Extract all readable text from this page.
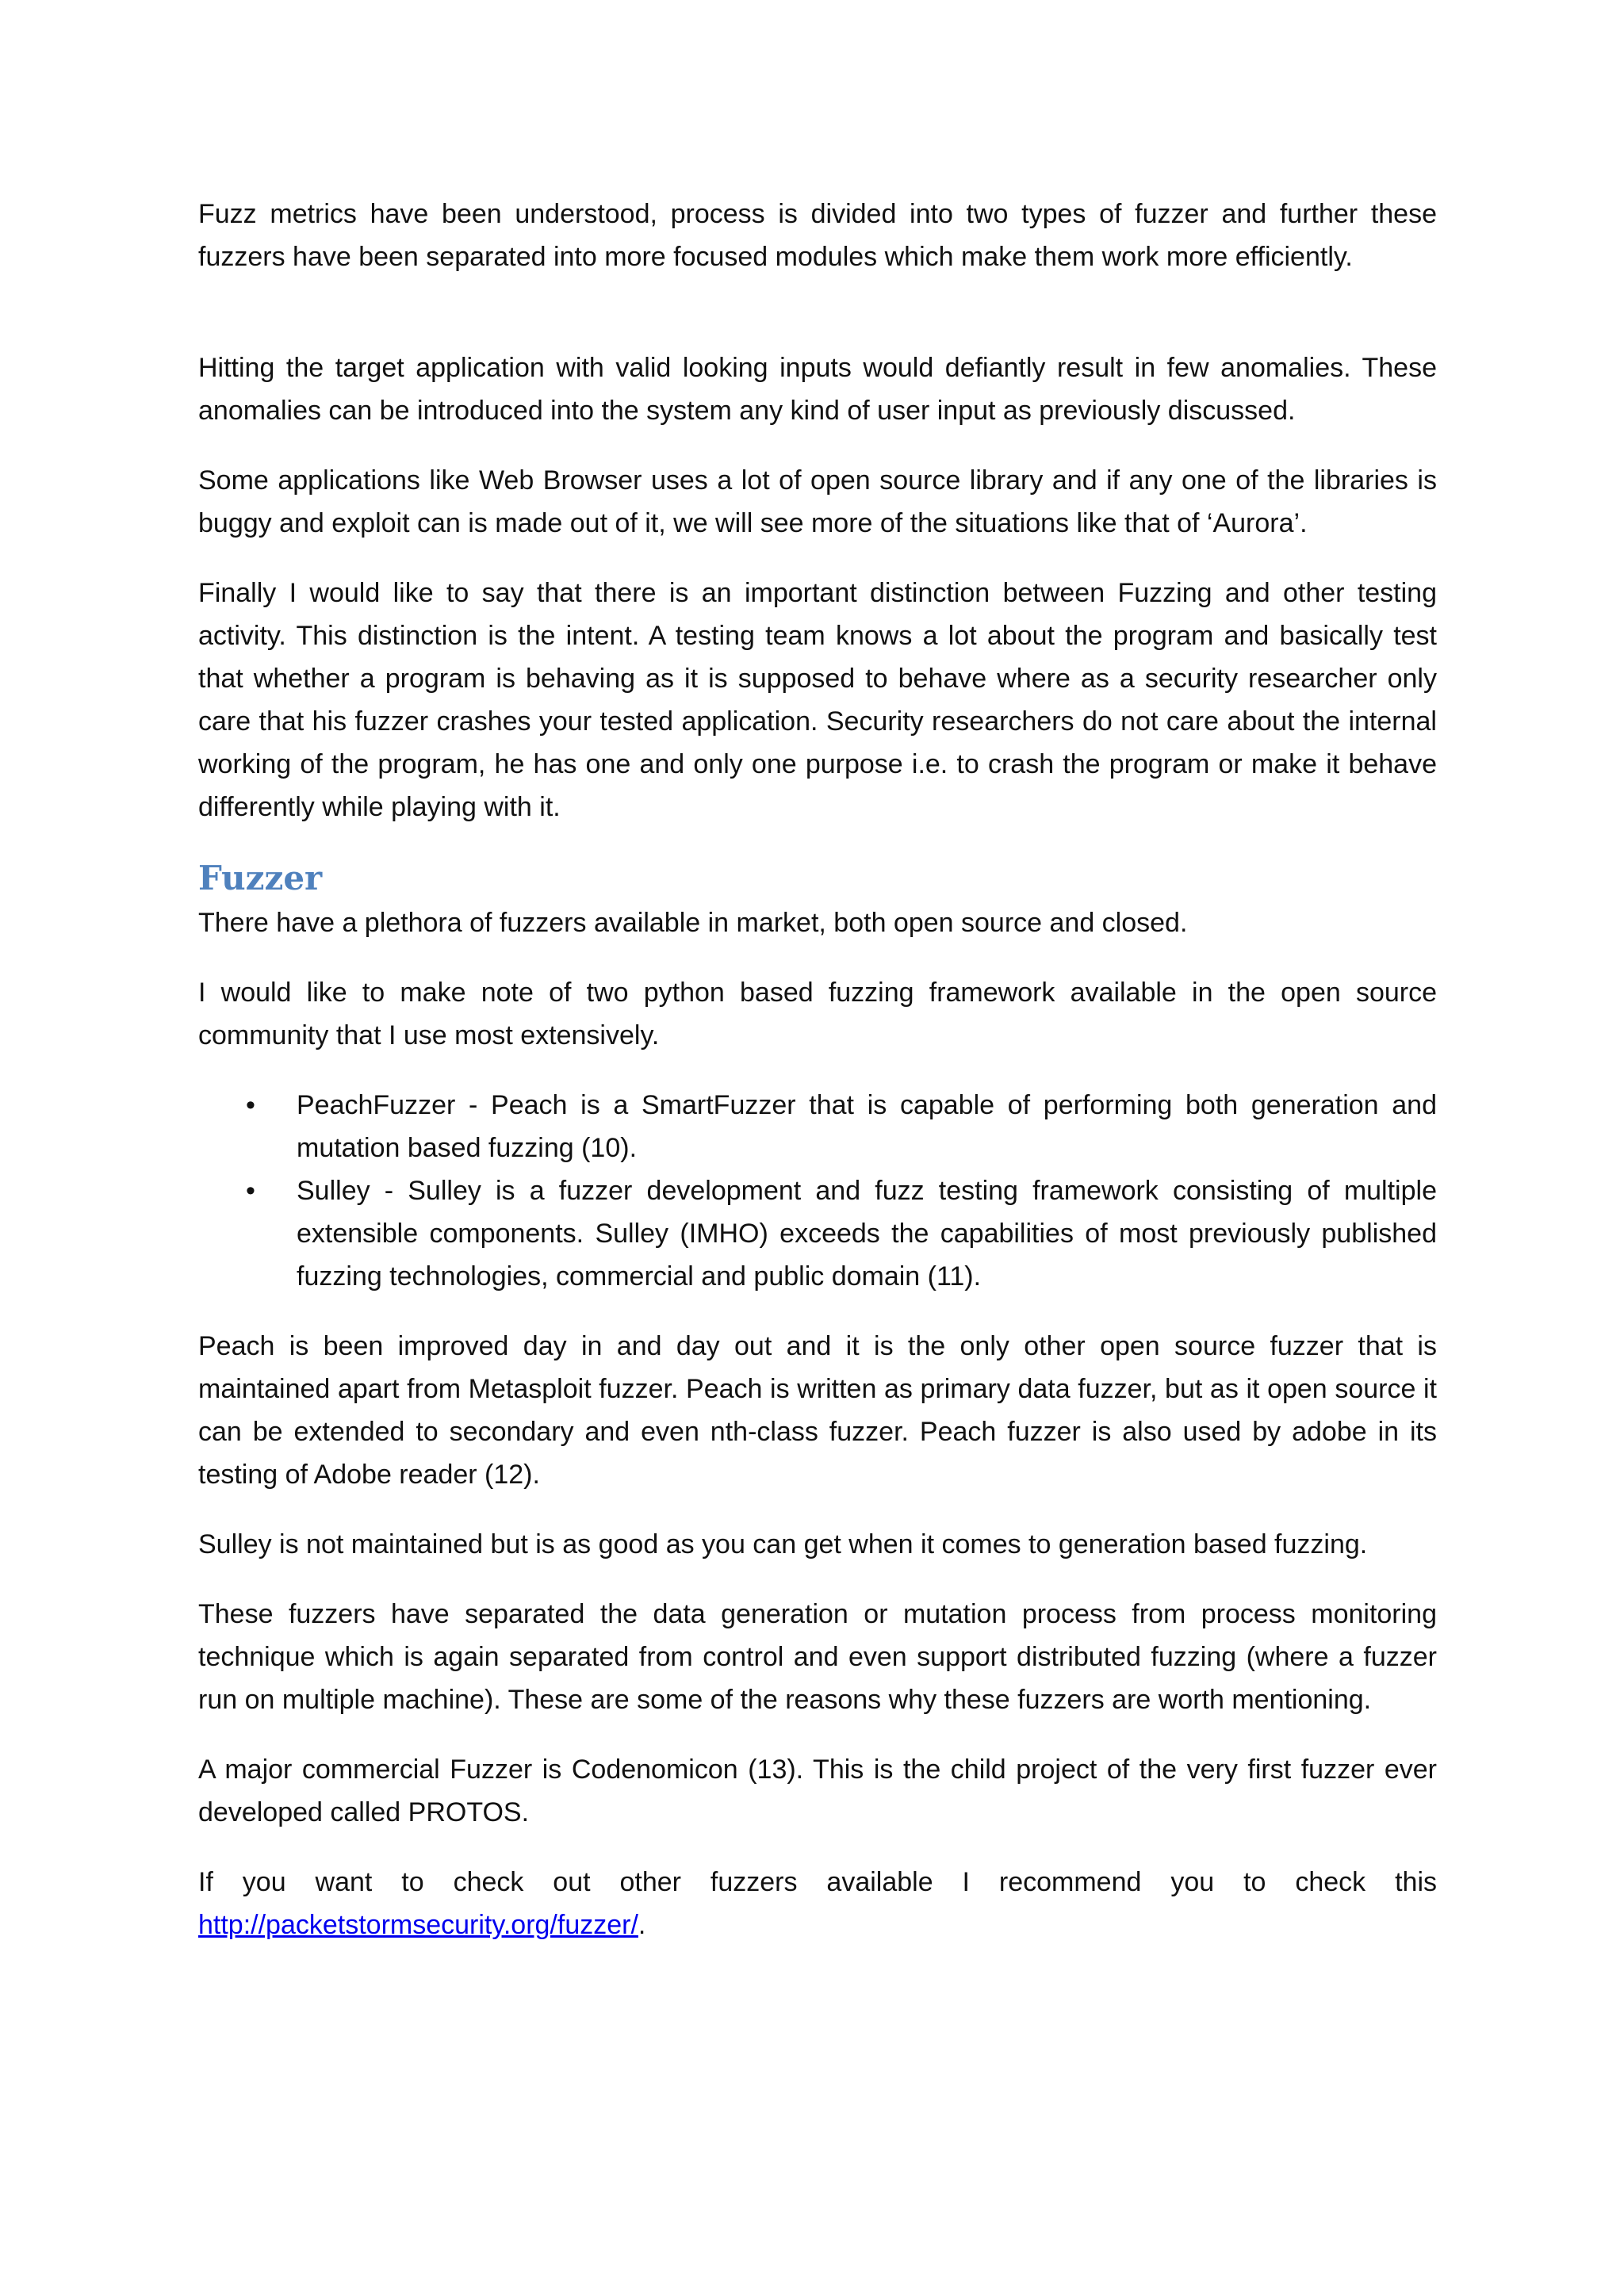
Fuzz metrics have been understood, process is divided into two types of fuzzer and further these fuzzers have been separated into more focused modules which make them work more efficiently.

Hitting the target application with valid looking inputs would defiantly result in few anomalies. These anomalies can be introduced into the system any kind of user input as previously discussed.

Some applications like Web Browser uses a lot of open source library and if any one of the libraries is buggy and exploit can is made out of it, we will see more of the situations like that of ‘Aurora’.

Finally I would like to say that there is an important distinction between Fuzzing and other testing activity. This distinction is the intent. A testing team knows a lot about the program and basically test that whether a program is behaving as it is supposed to behave where as a security researcher only care that his fuzzer crashes your tested application. Security researchers do not care about the internal working of the program, he has one and only one purpose i.e. to crash the program or make it behave differently while playing with it.

Fuzzer

There have a plethora of fuzzers available in market, both open source and closed.

I would like to make note of two python based fuzzing framework available in the open source community that I use most extensively.

• PeachFuzzer - Peach is a SmartFuzzer that is capable of performing both generation and mutation based fuzzing (10).
• Sulley - Sulley is a fuzzer development and fuzz testing framework consisting of multiple extensible components. Sulley (IMHO) exceeds the capabilities of most previously published fuzzing technologies, commercial and public domain (11).

Peach is been improved day in and day out and it is the only other open source fuzzer that is maintained apart from Metasploit fuzzer. Peach is written as primary data fuzzer, but as it open source it can be extended to secondary and even nth-class fuzzer. Peach fuzzer is also used by adobe in its testing of Adobe reader (12).

Sulley is not maintained but is as good as you can get when it comes to generation based fuzzing.

These fuzzers have separated the data generation or mutation process from process monitoring technique which is again separated from control and even support distributed fuzzing (where a fuzzer run on multiple machine). These are some of the reasons why these fuzzers are worth mentioning.

A major commercial Fuzzer is Codenomicon (13). This is the child project of the very first fuzzer ever developed called PROTOS.

If you want to check out other fuzzers available I recommend you to check this http://packetstormsecurity.org/fuzzer/.
